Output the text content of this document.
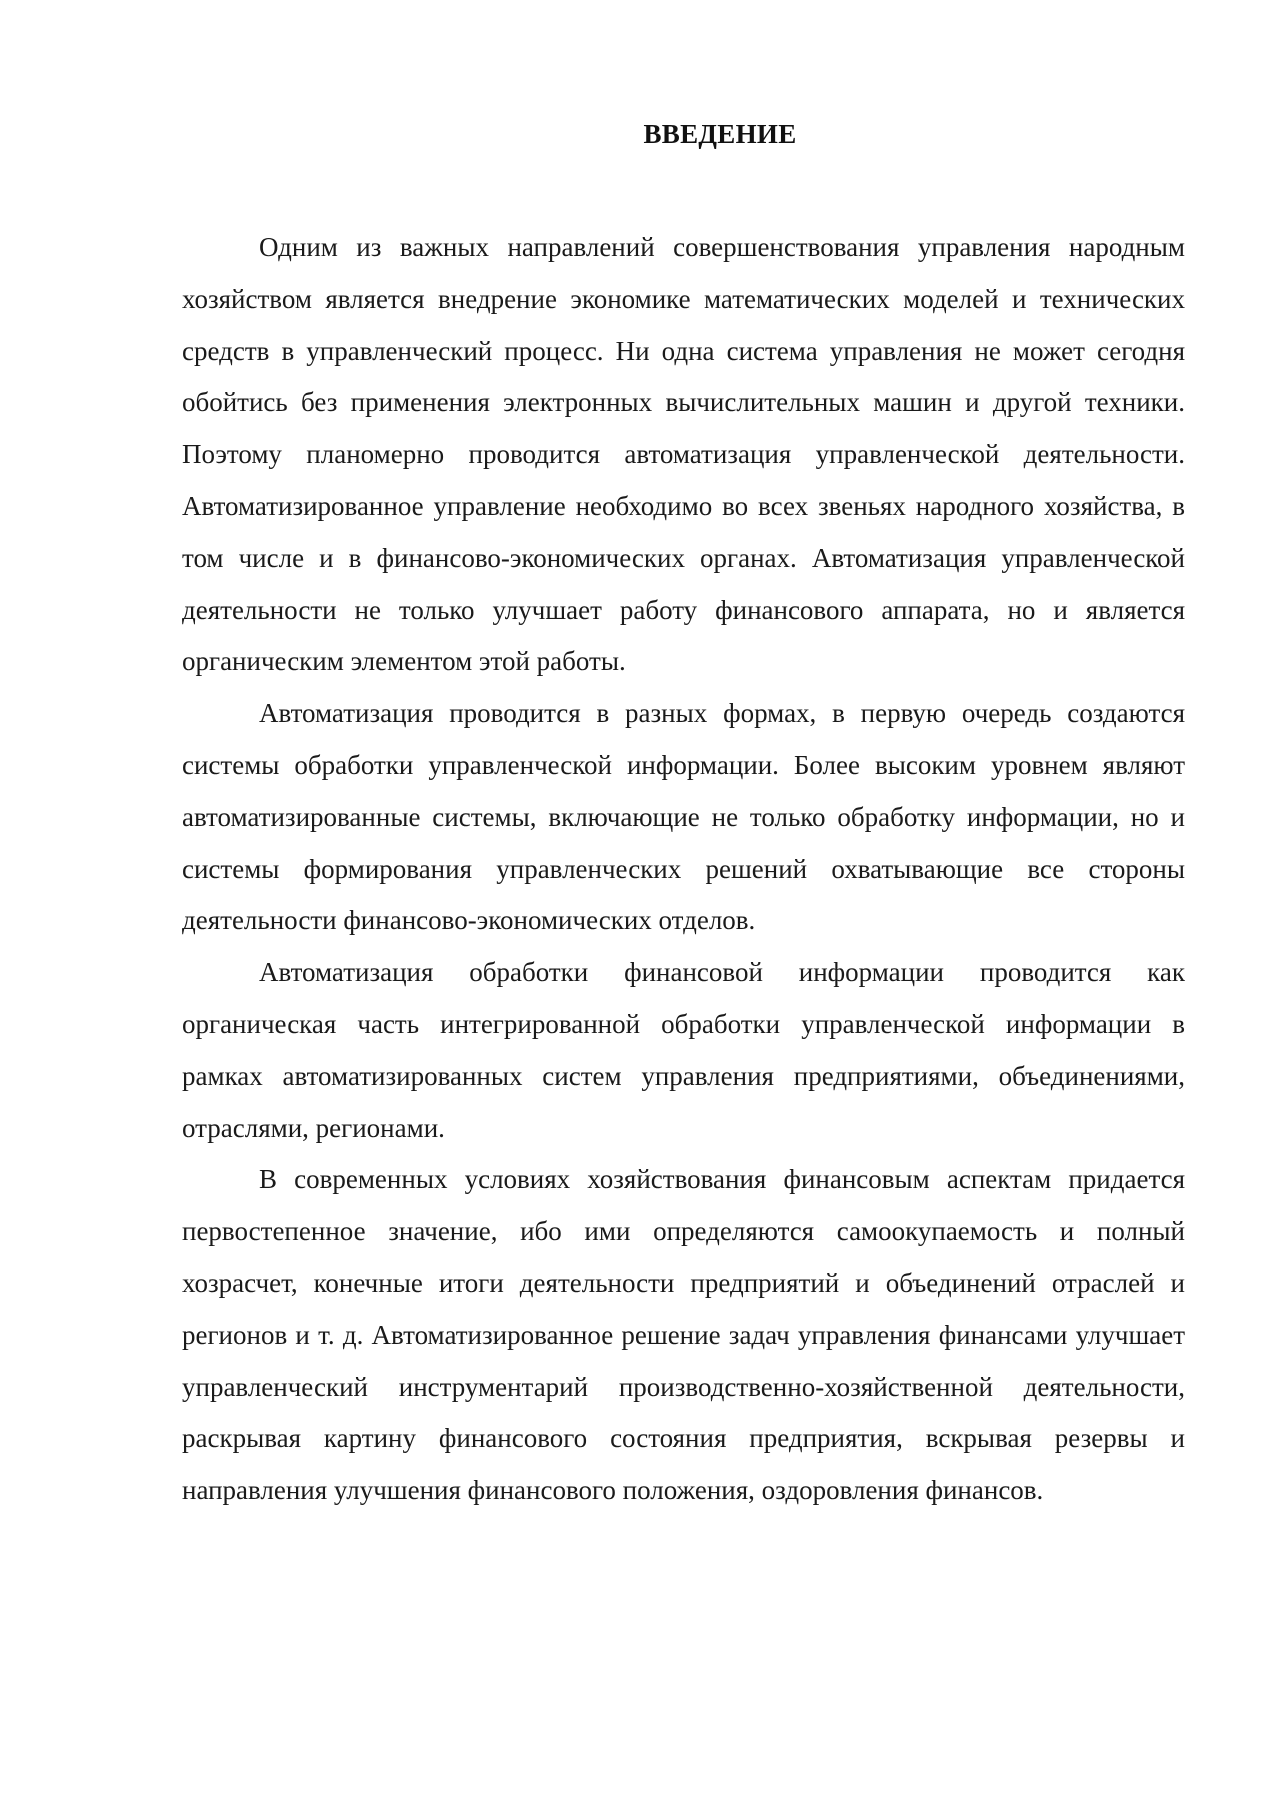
ВВЕДЕНИЕ

Одним из важных направлений совершенствования управления народным хозяйством является внедрение экономике математических моделей и технических средств в управленческий процесс. Ни одна система управления не может сегодня обойтись без применения электронных вычислительных машин и другой техники. Поэтому планомерно проводится автоматизация управленческой деятельности. Автоматизированное управление необходимо во всех звеньях народного хозяйства, в том числе и в финансово-экономических органах. Автоматизация управленческой деятельности не только улучшает работу финансового аппарата, но и является органическим элементом этой работы.

Автоматизация проводится в разных формах, в первую очередь создаются системы обработки управленческой информации. Более высоким уровнем являют автоматизированные системы, включающие не только обработку информации, но и системы формирования управленческих решений охватывающие все стороны деятельности финансово-экономических отделов.

Автоматизация обработки финансовой информации проводится как органическая часть интегрированной обработки управленческой информации в рамках автоматизированных систем управления предприятиями, объединениями, отраслями, регионами.

В современных условиях хозяйствования финансовым аспектам придается первостепенное значение, ибо ими определяются самоокупаемость и полный хозрасчет, конечные итоги деятельности предприятий и объединений отраслей и регионов и т. д. Автоматизированное решение задач управления финансами улучшает управленческий инструментарий производственно-хозяйственной деятельности, раскрывая картину финансового состояния предприятия, вскрывая резервы и направления улучшения финансового положения, оздоровления финансов.
